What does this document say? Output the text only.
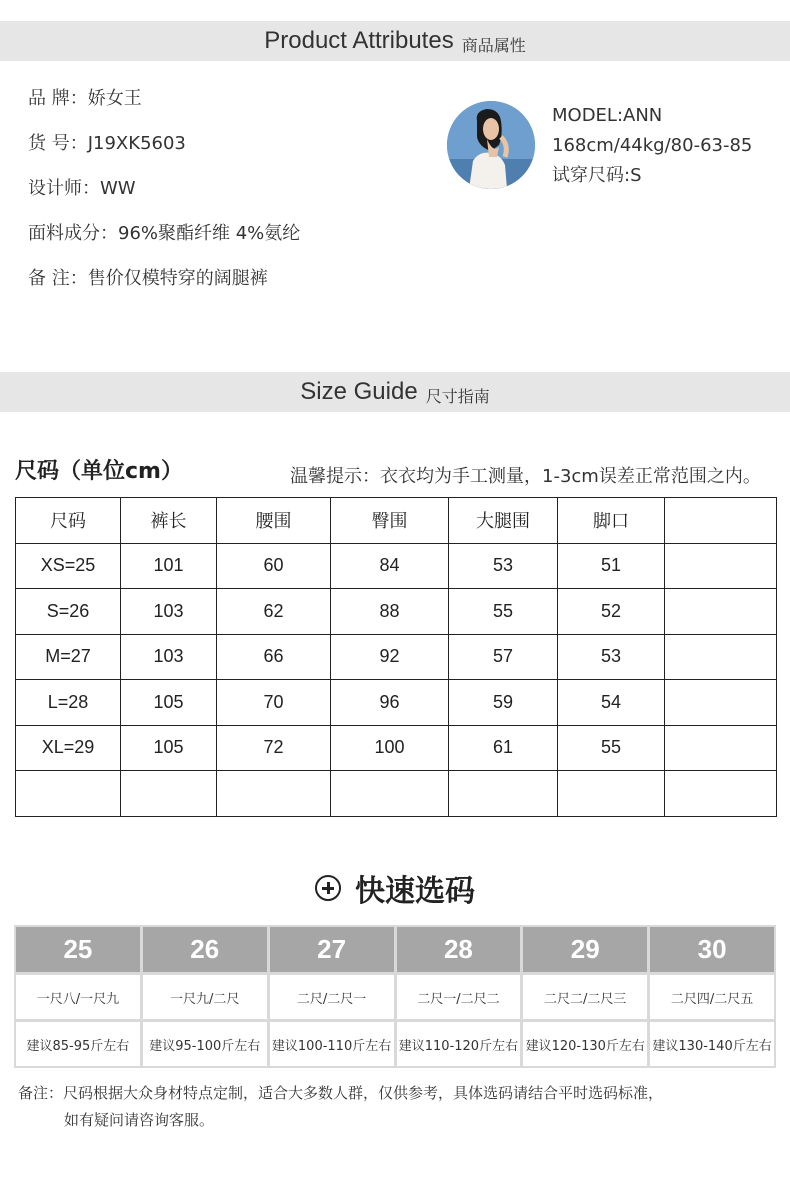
Product Attributes 商品属性
品 牌：娇女王
货 号：J19XK5603
设计师：WW
面料成分：96%聚酯纤维 4%氨纶
备 注：售价仅模特穿的阔腿裤
MODEL:ANN
168cm/44kg/80-63-85
试穿尺码:S
Size Guide 尺寸指南
尺码（单位cm）	温馨提示：衣衣均为手工测量，1-3cm误差正常范围之内。
尺码	裤长	腰围	臀围	大腿围	脚口	
XS=25	101	60	84	53	51	
S=26	103	62	88	55	52	
M=27	103	66	92	57	53	
L=28	105	70	96	59	54	
XL=29	105	72	100	61	55	

快速选码
25	26	27	28	29	30
一尺八/一尺九	一尺九/二尺	二尺/二尺一	二尺一/二尺二	二尺二/二尺三	二尺四/二尺五
建议85-95斤左右	建议95-100斤左右 建议100-110斤左右 建议110-120斤左右 建议120-130斤左右 建议130-140斤左右
备注：尺码根据大众身材特点定制，适合大多数人群，仅供参考，具体选码请结合平时选码标准，
如有疑问请咨询客服。
